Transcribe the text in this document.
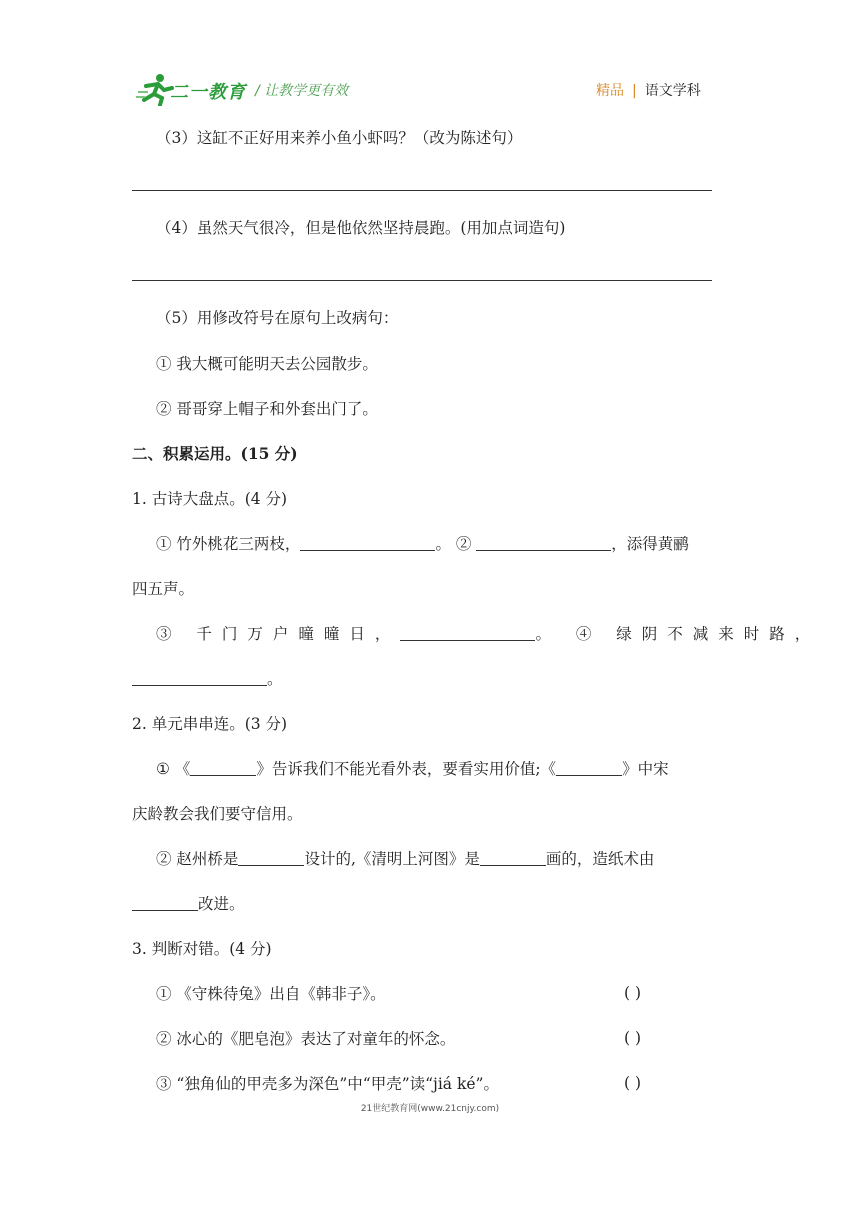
二一教育 / 让教学更有效	精品 | 语文学科
（3）这缸不正好用来养小鱼小虾吗？（改为陈述句）
（4）虽然天气很冷，但是他依然坚持晨跑。(用加点词造句)
（5）用修改符号在原句上改病句：
① 我大概可能明天去公园散步。
② 哥哥穿上帽子和外套出门了。
二、积累运用。(15 分)
1. 古诗大盘点。(4 分)
① 竹外桃花三两枝，	。 ②	，添得黄鹂
四五声。
③ 千门万户曈曈日，	。 ④ 绿阴不减来时路，
。
2. 单元串串连。(3 分)
① 《	》告诉我们不能光看外表，要看实用价值;《	》中宋
庆龄教会我们要守信用。
② 赵州桥是	设计的,《清明上河图》是	画的，造纸术由
改进。
3. 判断对错。(4 分)
① 《守株待兔》出自《韩非子》。	( )
② 冰心的《肥皂泡》表达了对童年的怀念。	( )
③ “独角仙的甲壳多为深色”中“甲壳”读“jiá ké”。	( )
21世纪教育网(www.21cnjy.com)
